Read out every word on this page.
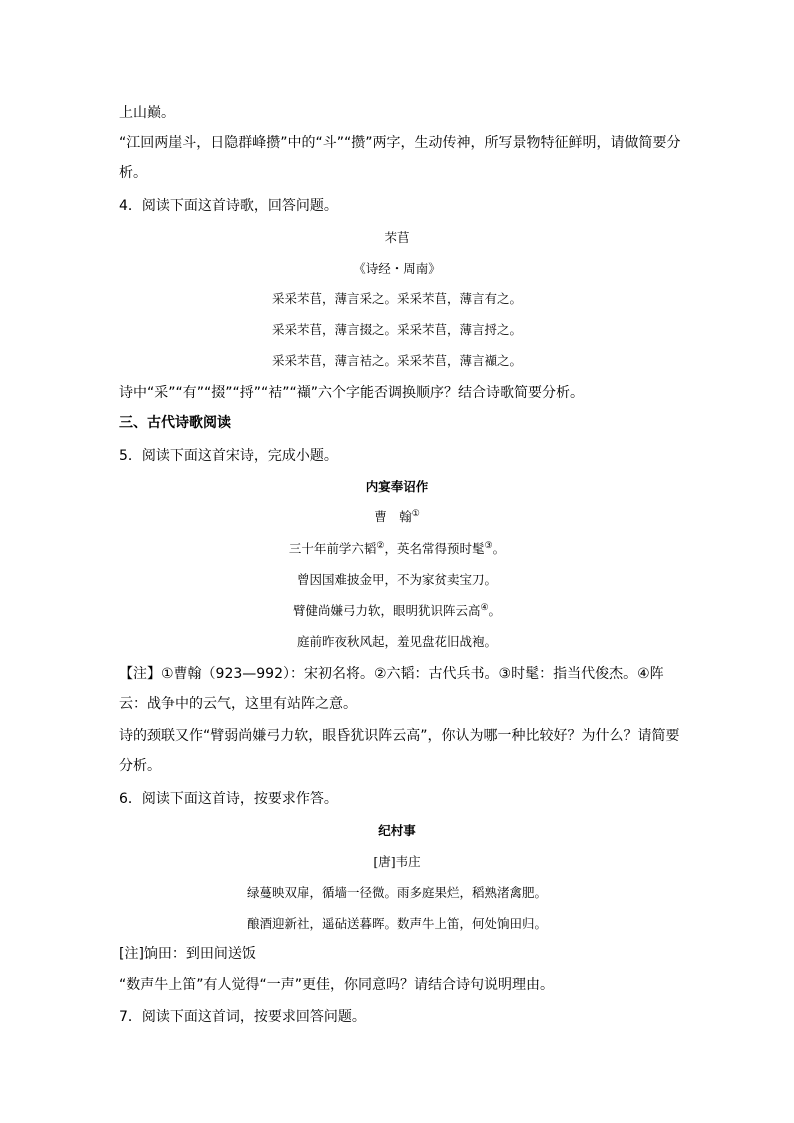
上山巅。
“江回两崖斗，日隐群峰攒”中的“斗”“攒”两字，生动传神，所写景物特征鲜明，请做简要分
析。
4．阅读下面这首诗歌，回答问题。
芣苢
《诗经・周南》
采采芣苢，薄言采之。采采芣苢，薄言有之。
采采芣苢，薄言掇之。采采芣苢，薄言捋之。
采采芣苢，薄言袺之。采采芣苢，薄言襭之。
诗中“采”“有”“掇”“捋”“袺”“襭”六个字能否调换顺序？结合诗歌简要分析。
三、古代诗歌阅读
5．阅读下面这首宋诗，完成小题。
内宴奉诏作
曹　翰①
三十年前学六韬②，英名常得预时髦③。
曾因国难披金甲，不为家贫卖宝刀。
臂健尚嫌弓力软，眼明犹识阵云高④。
庭前昨夜秋风起，羞见盘花旧战袍。
【注】①曹翰（923—992）：宋初名将。②六韬：古代兵书。③时髦：指当代俊杰。④阵
云：战争中的云气，这里有站阵之意。
诗的颈联又作“臂弱尚嫌弓力软，眼昏犹识阵云高”，你认为哪一种比较好？为什么？请简要
分析。
6．阅读下面这首诗，按要求作答。
纪村事
[唐]韦庄
绿蔓映双扉，循墙一径微。雨多庭果烂，稻熟渚禽肥。
酿酒迎新社，遥砧送暮晖。数声牛上笛，何处饷田归。
[注]饷田：到田间送饭
“数声牛上笛”有人觉得“一声”更佳，你同意吗？请结合诗句说明理由。
7．阅读下面这首词，按要求回答问题。
